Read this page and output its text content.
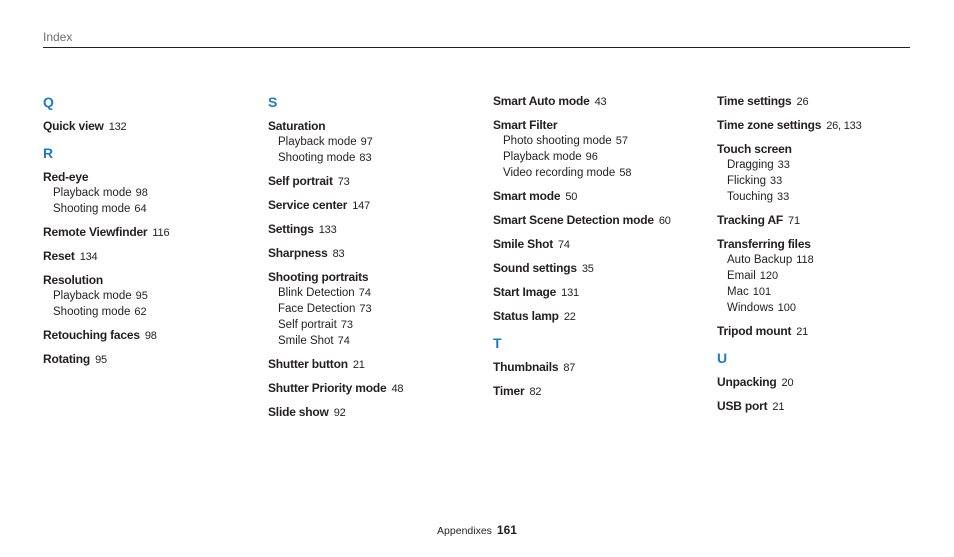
Index
Q
Quick view 132
R
Red-eye
Playback mode 98
Shooting mode 64
Remote Viewfinder 116
Reset 134
Resolution
Playback mode 95
Shooting mode 62
Retouching faces 98
Rotating 95
S
Saturation
Playback mode 97
Shooting mode 83
Self portrait 73
Service center 147
Settings 133
Sharpness 83
Shooting portraits
Blink Detection 74
Face Detection 73
Self portrait 73
Smile Shot 74
Shutter button 21
Shutter Priority mode 48
Slide show 92
Smart Auto mode 43
Smart Filter
Photo shooting mode 57
Playback mode 96
Video recording mode 58
Smart mode 50
Smart Scene Detection mode 60
Smile Shot 74
Sound settings 35
Start Image 131
Status lamp 22
T
Thumbnails 87
Timer 82
Time settings 26
Time zone settings 26, 133
Touch screen
Dragging 33
Flicking 33
Touching 33
Tracking AF 71
Transferring files
Auto Backup 118
Email 120
Mac 101
Windows 100
Tripod mount 21
U
Unpacking 20
USB port 21
Appendixes 161
